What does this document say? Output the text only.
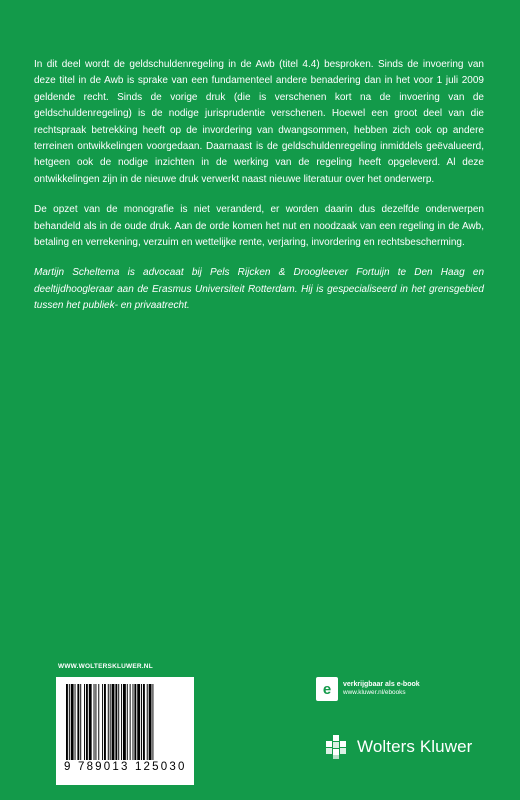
In dit deel wordt de geldschuldenregeling in de Awb (titel 4.4) besproken. Sinds de invoering van deze titel in de Awb is sprake van een fundamenteel andere benadering dan in het voor 1 juli 2009 geldende recht. Sinds de vorige druk (die is verschenen kort na de invoering van de geldschuldenregeling) is de nodige jurisprudentie verschenen. Hoewel een groot deel van die rechtspraak betrekking heeft op de invordering van dwangsommen, hebben zich ook op andere terreinen ontwikkelingen voorgedaan. Daarnaast is de geldschuldenregeling inmiddels geëvalueerd, hetgeen ook de nodige inzichten in de werking van de regeling heeft opgeleverd. Al deze ontwikkelingen zijn in de nieuwe druk verwerkt naast nieuwe literatuur over het onderwerp.

De opzet van de monografie is niet veranderd, er worden daarin dus dezelfde onderwerpen behandeld als in de oude druk. Aan de orde komen het nut en noodzaak van een regeling in de Awb, betaling en verrekening, verzuim en wettelijke rente, verjaring, invordering en rechtsbescherming.

Martijn Scheltema is advocaat bij Pels Rijcken & Droogleever Fortuijn te Den Haag en deeltijdhoogleraar aan de Erasmus Universiteit Rotterdam. Hij is gespecialiseerd in het grensgebied tussen het publiek- en privaatrecht.

WWW.WOLTERSKLUWER.NL
9 789013 125030
e	verkrijgbaar als e-book
www.kluwer.nl/ebooks
Wolters Kluwer
